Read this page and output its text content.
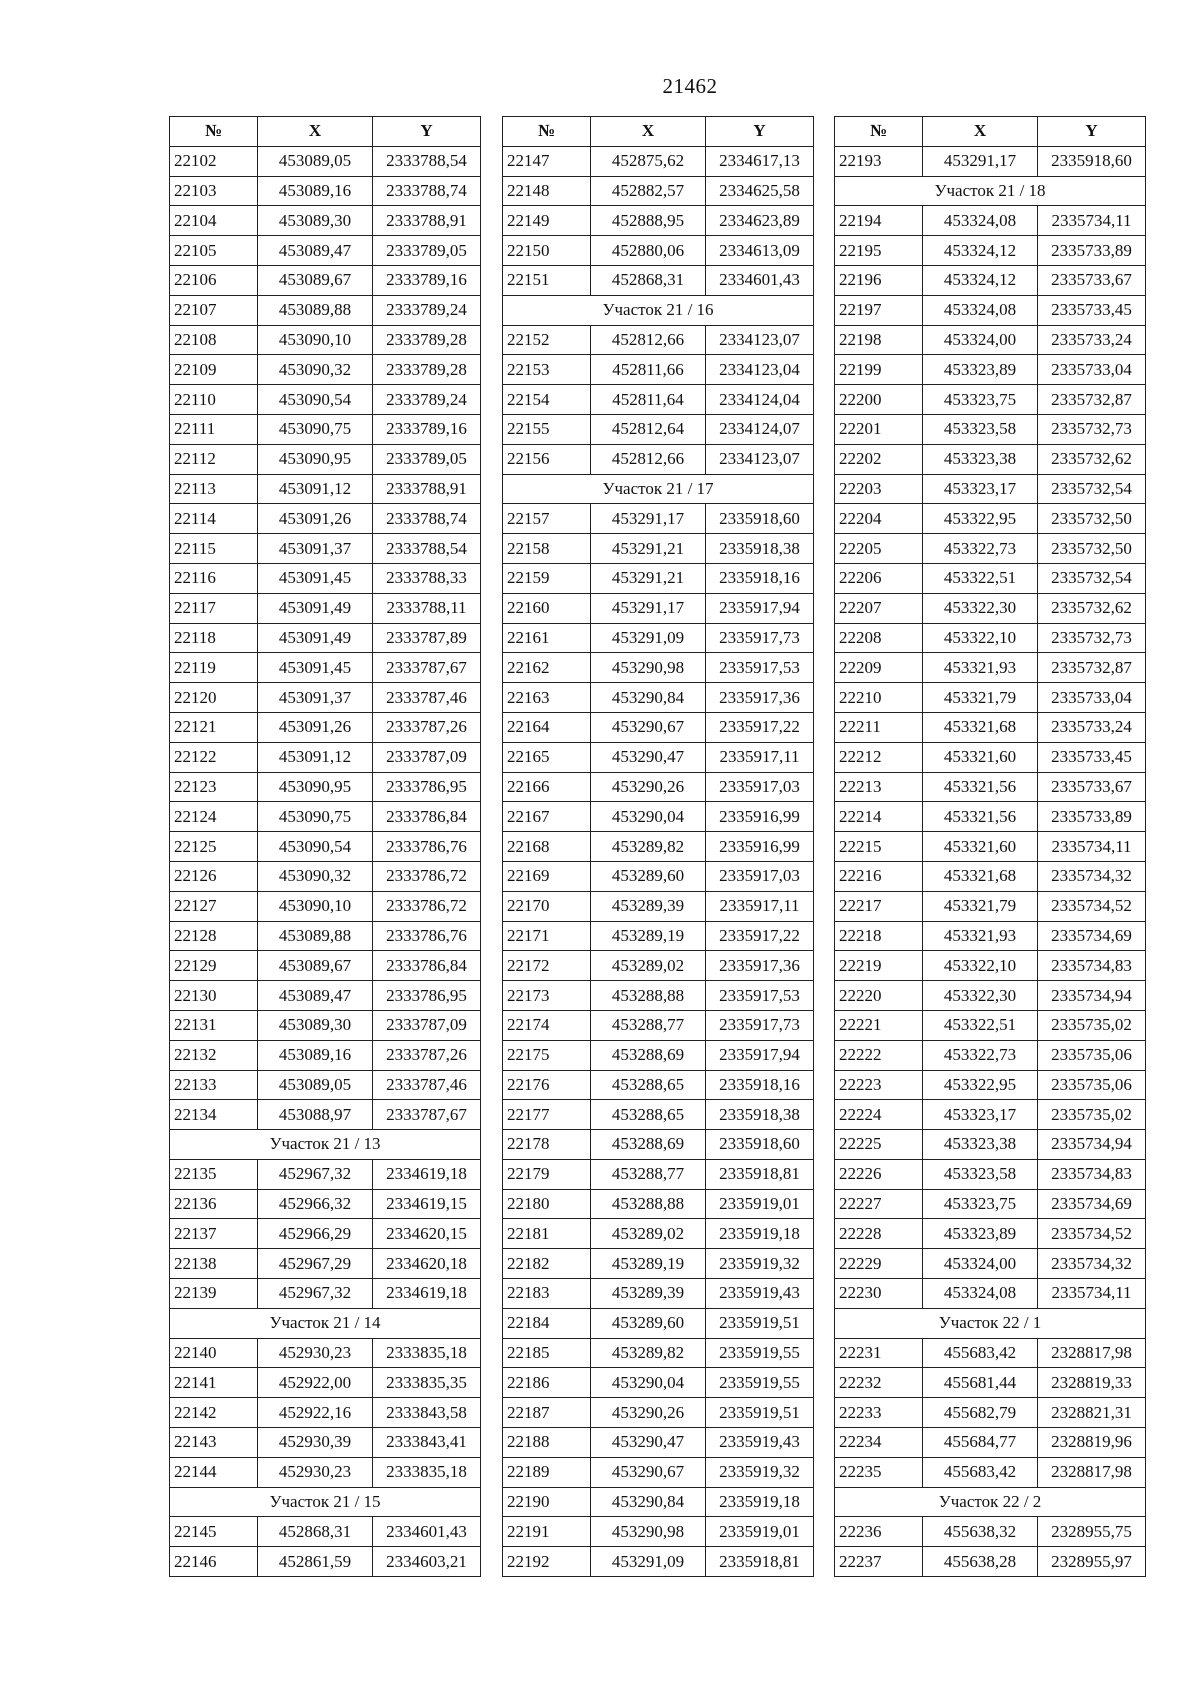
21462
№	X	Y
22102	453089,05	2333788,54
22103	453089,16	2333788,74
22104	453089,30	2333788,91
22105	453089,47	2333789,05
22106	453089,67	2333789,16
22107	453089,88	2333789,24
22108	453090,10	2333789,28
22109	453090,32	2333789,28
22110	453090,54	2333789,24
22111	453090,75	2333789,16
22112	453090,95	2333789,05
22113	453091,12	2333788,91
22114	453091,26	2333788,74
22115	453091,37	2333788,54
22116	453091,45	2333788,33
22117	453091,49	2333788,11
22118	453091,49	2333787,89
22119	453091,45	2333787,67
22120	453091,37	2333787,46
22121	453091,26	2333787,26
22122	453091,12	2333787,09
22123	453090,95	2333786,95
22124	453090,75	2333786,84
22125	453090,54	2333786,76
22126	453090,32	2333786,72
22127	453090,10	2333786,72
22128	453089,88	2333786,76
22129	453089,67	2333786,84
22130	453089,47	2333786,95
22131	453089,30	2333787,09
22132	453089,16	2333787,26
22133	453089,05	2333787,46
22134	453088,97	2333787,67
Участок 21 / 13		
22135	452967,32	2334619,18
22136	452966,32	2334619,15
22137	452966,29	2334620,15
22138	452967,29	2334620,18
22139	452967,32	2334619,18
Участок 21 / 14		
22140	452930,23	2333835,18
22141	452922,00	2333835,35
22142	452922,16	2333843,58
22143	452930,39	2333843,41
22144	452930,23	2333835,18
Участок 21 / 15		
22145	452868,31	2334601,43
22146	452861,59	2334603,21
№	X	Y
22147	452875,62	2334617,13
22148	452882,57	2334625,58
22149	452888,95	2334623,89
22150	452880,06	2334613,09
22151	452868,31	2334601,43
Участок 21 / 16		
22152	452812,66	2334123,07
22153	452811,66	2334123,04
22154	452811,64	2334124,04
22155	452812,64	2334124,07
22156	452812,66	2334123,07
Участок 21 / 17		
22157	453291,17	2335918,60
22158	453291,21	2335918,38
22159	453291,21	2335918,16
22160	453291,17	2335917,94
22161	453291,09	2335917,73
22162	453290,98	2335917,53
22163	453290,84	2335917,36
22164	453290,67	2335917,22
22165	453290,47	2335917,11
22166	453290,26	2335917,03
22167	453290,04	2335916,99
22168	453289,82	2335916,99
22169	453289,60	2335917,03
22170	453289,39	2335917,11
22171	453289,19	2335917,22
22172	453289,02	2335917,36
22173	453288,88	2335917,53
22174	453288,77	2335917,73
22175	453288,69	2335917,94
22176	453288,65	2335918,16
22177	453288,65	2335918,38
22178	453288,69	2335918,60
22179	453288,77	2335918,81
22180	453288,88	2335919,01
22181	453289,02	2335919,18
22182	453289,19	2335919,32
22183	453289,39	2335919,43
22184	453289,60	2335919,51
22185	453289,82	2335919,55
22186	453290,04	2335919,55
22187	453290,26	2335919,51
22188	453290,47	2335919,43
22189	453290,67	2335919,32
22190	453290,84	2335919,18
22191	453290,98	2335919,01
22192	453291,09	2335918,81
№	X	Y
22193	453291,17	2335918,60
Участок 21 / 18		
22194	453324,08	2335734,11
22195	453324,12	2335733,89
22196	453324,12	2335733,67
22197	453324,08	2335733,45
22198	453324,00	2335733,24
22199	453323,89	2335733,04
22200	453323,75	2335732,87
22201	453323,58	2335732,73
22202	453323,38	2335732,62
22203	453323,17	2335732,54
22204	453322,95	2335732,50
22205	453322,73	2335732,50
22206	453322,51	2335732,54
22207	453322,30	2335732,62
22208	453322,10	2335732,73
22209	453321,93	2335732,87
22210	453321,79	2335733,04
22211	453321,68	2335733,24
22212	453321,60	2335733,45
22213	453321,56	2335733,67
22214	453321,56	2335733,89
22215	453321,60	2335734,11
22216	453321,68	2335734,32
22217	453321,79	2335734,52
22218	453321,93	2335734,69
22219	453322,10	2335734,83
22220	453322,30	2335734,94
22221	453322,51	2335735,02
22222	453322,73	2335735,06
22223	453322,95	2335735,06
22224	453323,17	2335735,02
22225	453323,38	2335734,94
22226	453323,58	2335734,83
22227	453323,75	2335734,69
22228	453323,89	2335734,52
22229	453324,00	2335734,32
22230	453324,08	2335734,11
Участок 22 / 1		
22231	455683,42	2328817,98
22232	455681,44	2328819,33
22233	455682,79	2328821,31
22234	455684,77	2328819,96
22235	455683,42	2328817,98
Участок 22 / 2		
22236	455638,32	2328955,75
22237	455638,28	2328955,97
